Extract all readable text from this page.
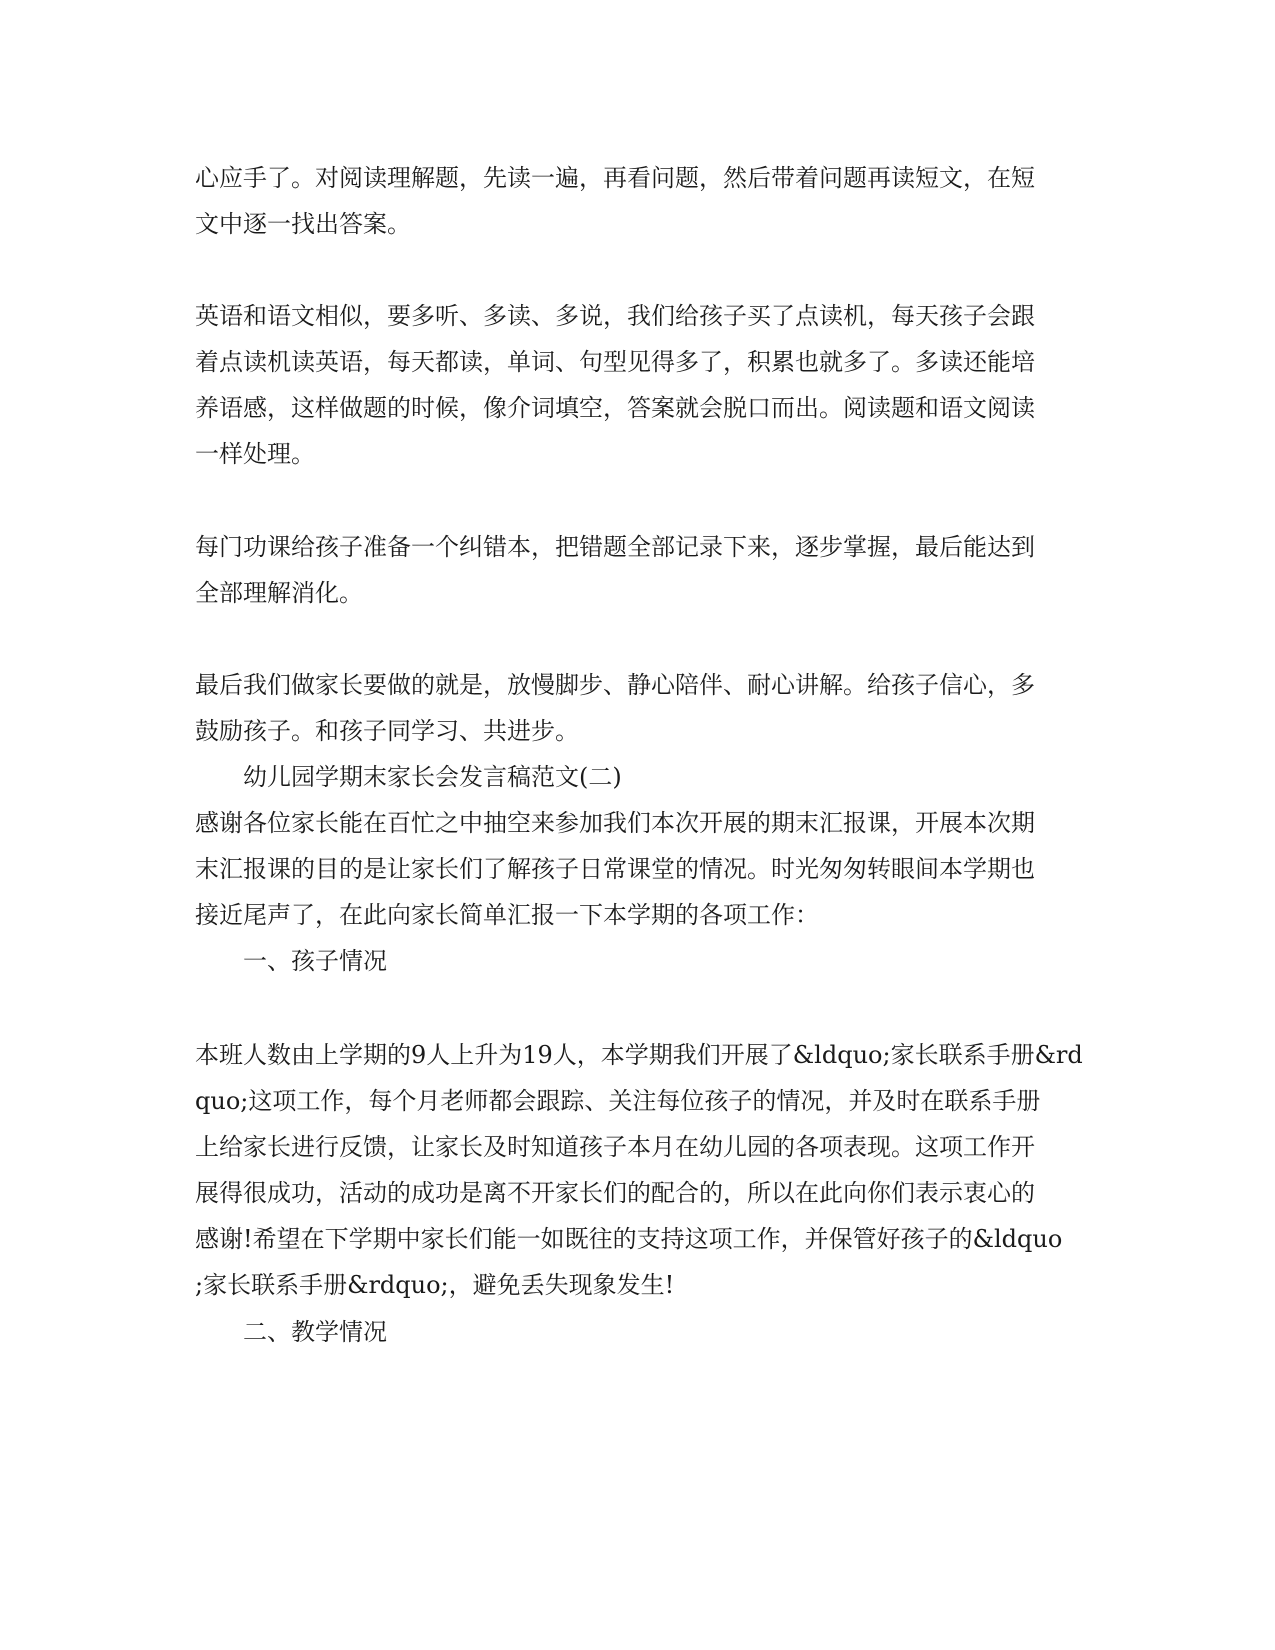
心应手了。对阅读理解题，先读一遍，再看问题，然后带着问题再读短文，在短

文中逐一找出答案。

英语和语文相似，要多听、多读、多说，我们给孩子买了点读机，每天孩子会跟

着点读机读英语，每天都读，单词、句型见得多了，积累也就多了。多读还能培

养语感，这样做题的时候，像介词填空，答案就会脱口而出。阅读题和语文阅读

一样处理。

每门功课给孩子准备一个纠错本，把错题全部记录下来，逐步掌握，最后能达到

全部理解消化。

最后我们做家长要做的就是，放慢脚步、静心陪伴、耐心讲解。给孩子信心，多

鼓励孩子。和孩子同学习、共进步。

幼儿园学期末家长会发言稿范文(二)

感谢各位家长能在百忙之中抽空来参加我们本次开展的期末汇报课，开展本次期

末汇报课的目的是让家长们了解孩子日常课堂的情况。时光匆匆转眼间本学期也

接近尾声了，在此向家长简单汇报一下本学期的各项工作：

一、孩子情况

本班人数由上学期的9人上升为19人，本学期我们开展了&ldquo;家长联系手册&rd

quo;这项工作，每个月老师都会跟踪、关注每位孩子的情况，并及时在联系手册

上给家长进行反馈，让家长及时知道孩子本月在幼儿园的各项表现。这项工作开

展得很成功，活动的成功是离不开家长们的配合的，所以在此向你们表示衷心的

感谢!希望在下学期中家长们能一如既往的支持这项工作，并保管好孩子的&ldquo

;家长联系手册&rdquo;，避免丢失现象发生!

二、教学情况
